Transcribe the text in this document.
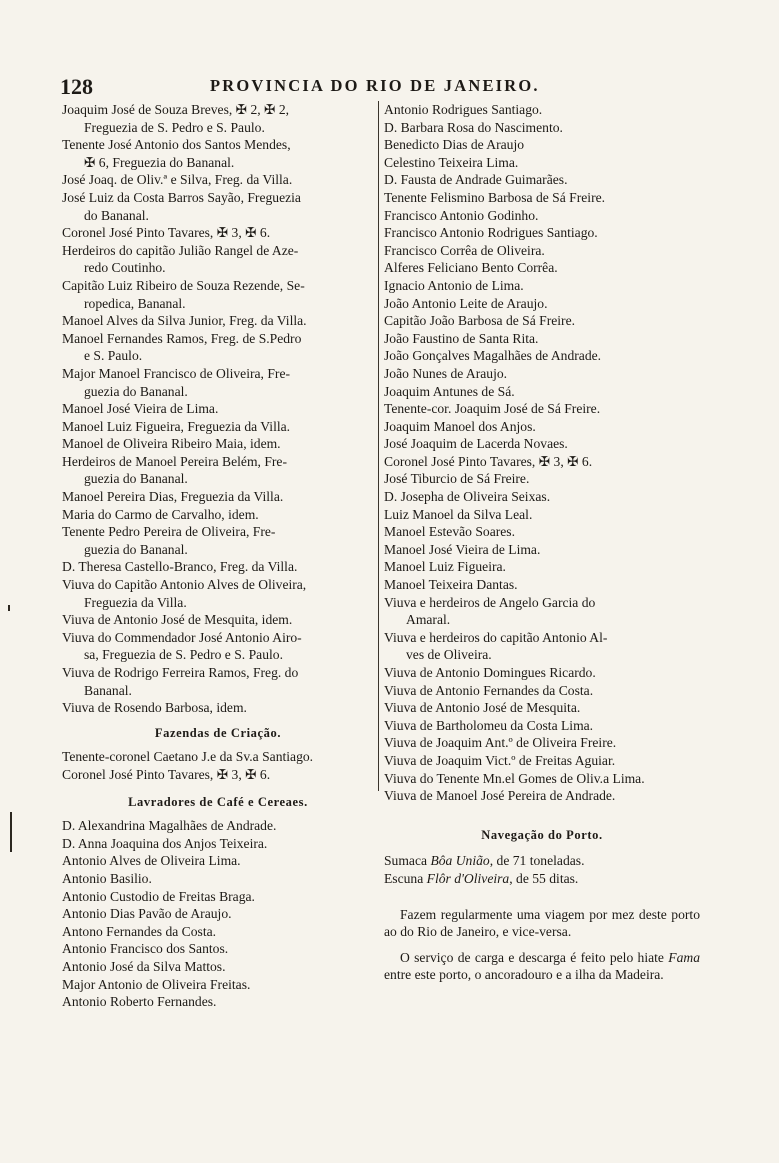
128	PROVINCIA DO RIO DE JANEIRO.
Joaquim José de Souza Breves, ✠ 2, ✠ 2,
Freguezia de S. Pedro e S. Paulo.
Tenente José Antonio dos Santos Mendes,
✠ 6, Freguezia do Bananal.
José Joaq. de Oliv.ª e Silva, Freg. da Villa.
José Luiz da Costa Barros Sayão, Freguezia
do Bananal.
Coronel José Pinto Tavares, ✠ 3, ✠ 6.
Herdeiros do capitão Julião Rangel de Aze-
redo Coutinho.
Capitão Luiz Ribeiro de Souza Rezende, Se-
ropedica, Bananal.
Manoel Alves da Silva Junior, Freg. da Villa.
Manoel Fernandes Ramos, Freg. de S.Pedro
e S. Paulo.
Major Manoel Francisco de Oliveira, Fre-
guezia do Bananal.
Manoel José Vieira de Lima.
Manoel Luiz Figueira, Freguezia da Villa.
Manoel de Oliveira Ribeiro Maia, idem.
Herdeiros de Manoel Pereira Belém, Fre-
guezia do Bananal.
Manoel Pereira Dias, Freguezia da Villa.
Maria do Carmo de Carvalho, idem.
Tenente Pedro Pereira de Oliveira, Fre-
guezia do Bananal.
D. Theresa Castello-Branco, Freg. da Villa.
Viuva do Capitão Antonio Alves de Oliveira,
Freguezia da Villa.
Viuva de Antonio José de Mesquita, idem.
Viuva do Commendador José Antonio Airo-
sa, Freguezia de S. Pedro e S. Paulo.
Viuva de Rodrigo Ferreira Ramos, Freg. do
Bananal.
Viuva de Rosendo Barbosa, idem.
Fazendas de Criação.
Tenente-coronel Caetano J.e da Sv.a Santiago.
Coronel José Pinto Tavares, ✠ 3, ✠ 6.
Lavradores de Café e Cereaes.
D. Alexandrina Magalhães de Andrade.
D. Anna Joaquina dos Anjos Teixeira.
Antonio Alves de Oliveira Lima.
Antonio Basilio.
Antonio Custodio de Freitas Braga.
Antonio Dias Pavão de Araujo.
Antono Fernandes da Costa.
Antonio Francisco dos Santos.
Antonio José da Silva Mattos.
Major Antonio de Oliveira Freitas.
Antonio Roberto Fernandes.
Antonio Rodrigues Santiago.
D. Barbara Rosa do Nascimento.
Benedicto Dias de Araujo
Celestino Teixeira Lima.
D. Fausta de Andrade Guimarães.
Tenente Felismino Barbosa de Sá Freire.
Francisco Antonio Godinho.
Francisco Antonio Rodrigues Santiago.
Francisco Corrêa de Oliveira.
Alferes Feliciano Bento Corrêa.
Ignacio Antonio de Lima.
João Antonio Leite de Araujo.
Capitão João Barbosa de Sá Freire.
João Faustino de Santa Rita.
João Gonçalves Magalhães de Andrade.
João Nunes de Araujo.
Joaquim Antunes de Sá.
Tenente-cor. Joaquim José de Sá Freire.
Joaquim Manoel dos Anjos.
José Joaquim de Lacerda Novaes.
Coronel José Pinto Tavares, ✠ 3, ✠ 6.
José Tiburcio de Sá Freire.
D. Josepha de Oliveira Seixas.
Luiz Manoel da Silva Leal.
Manoel Estevão Soares.
Manoel José Vieira de Lima.
Manoel Luiz Figueira.
Manoel Teixeira Dantas.
Viuva e herdeiros de Angelo Garcia do
Amaral.
Viuva e herdeiros do capitão Antonio Al-
ves de Oliveira.
Viuva de Antonio Domingues Ricardo.
Viuva de Antonio Fernandes da Costa.
Viuva de Antonio José de Mesquita.
Viuva de Bartholomeu da Costa Lima.
Viuva de Joaquim Ant.º de Oliveira Freire.
Viuva de Joaquim Vict.º de Freitas Aguiar.
Viuva do Tenente Mn.el Gomes de Oliv.a Lima.
Viuva de Manoel José Pereira de Andrade.
Navegação do Porto.
Sumaca Bôa União, de 71 toneladas.
Escuna Flôr d'Oliveira, de 55 ditas.
Fazem regularmente uma viagem por mez deste porto ao do Rio de Janeiro, e vice-versa.
O serviço de carga e descarga é feito pelo hiate Fama entre este porto, o ancoradouro e a ilha da Madeira.
